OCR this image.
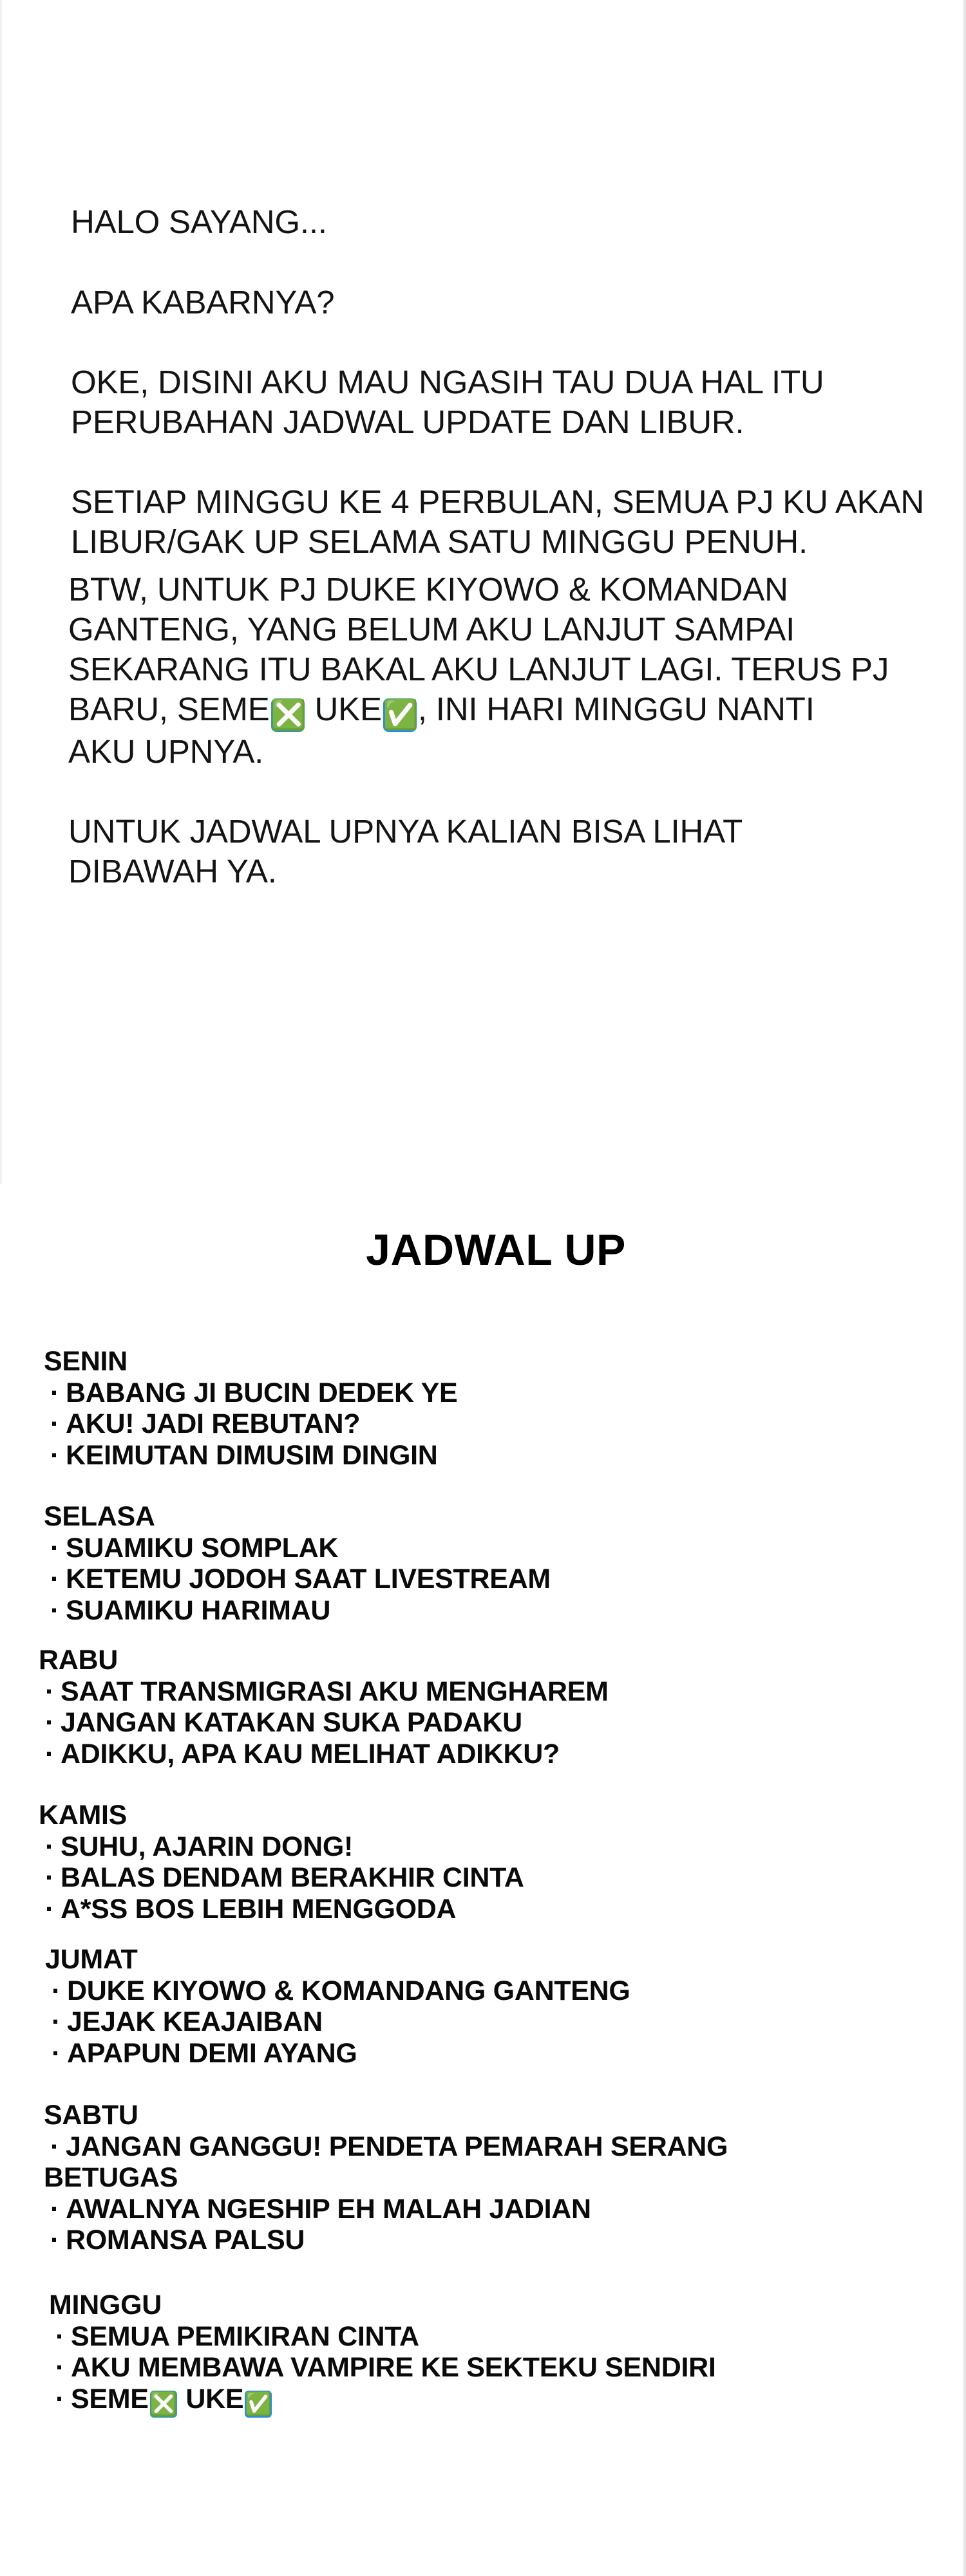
HALO SAYANG...

APA KABARNYA?

OKE, DISINI AKU MAU NGASIH TAU DUA HAL ITU
PERUBAHAN JADWAL UPDATE DAN LIBUR.

SETIAP MINGGU KE 4 PERBULAN, SEMUA PJ KU AKAN
LIBUR/GAK UP SELAMA SATU MINGGU PENUH.

BTW, UNTUK PJ DUKE KIYOWO & KOMANDAN
GANTENG, YANG BELUM AKU LANJUT SAMPAI
SEKARANG ITU BAKAL AKU LANJUT LAGI. TERUS PJ
BARU, SEME❎ UKE✅, INI HARI MINGGU NANTI
AKU UPNYA.

UNTUK JADWAL UPNYA KALIAN BISA LIHAT
DIBAWAH YA.

JADWAL UP
SENIN
· BABANG JI BUCIN DEDEK YE
· AKU! JADI REBUTAN?
· KEIMUTAN DIMUSIM DINGIN
SELASA
· SUAMIKU SOMPLAK
· KETEMU JODOH SAAT LIVESTREAM
· SUAMIKU HARIMAU
RABU
· SAAT TRANSMIGRASI AKU MENGHAREM
· JANGAN KATAKAN SUKA PADAKU
· ADIKKU, APA KAU MELIHAT ADIKKU?
KAMIS
· SUHU, AJARIN DONG!
· BALAS DENDAM BERAKHIR CINTA
· A*SS BOS LEBIH MENGGODA
JUMAT
· DUKE KIYOWO & KOMANDANG GANTENG
· JEJAK KEAJAIBAN
· APAPUN DEMI AYANG
SABTU
· JANGAN GANGGU! PENDETA PEMARAH SERANG
BETUGAS
· AWALNYA NGESHIP EH MALAH JADIAN
· ROMANSA PALSU
MINGGU
· SEMUA PEMIKIRAN CINTA
· AKU MEMBAWA VAMPIRE KE SEKTEKU SENDIRI
· SEME❎ UKE✅
